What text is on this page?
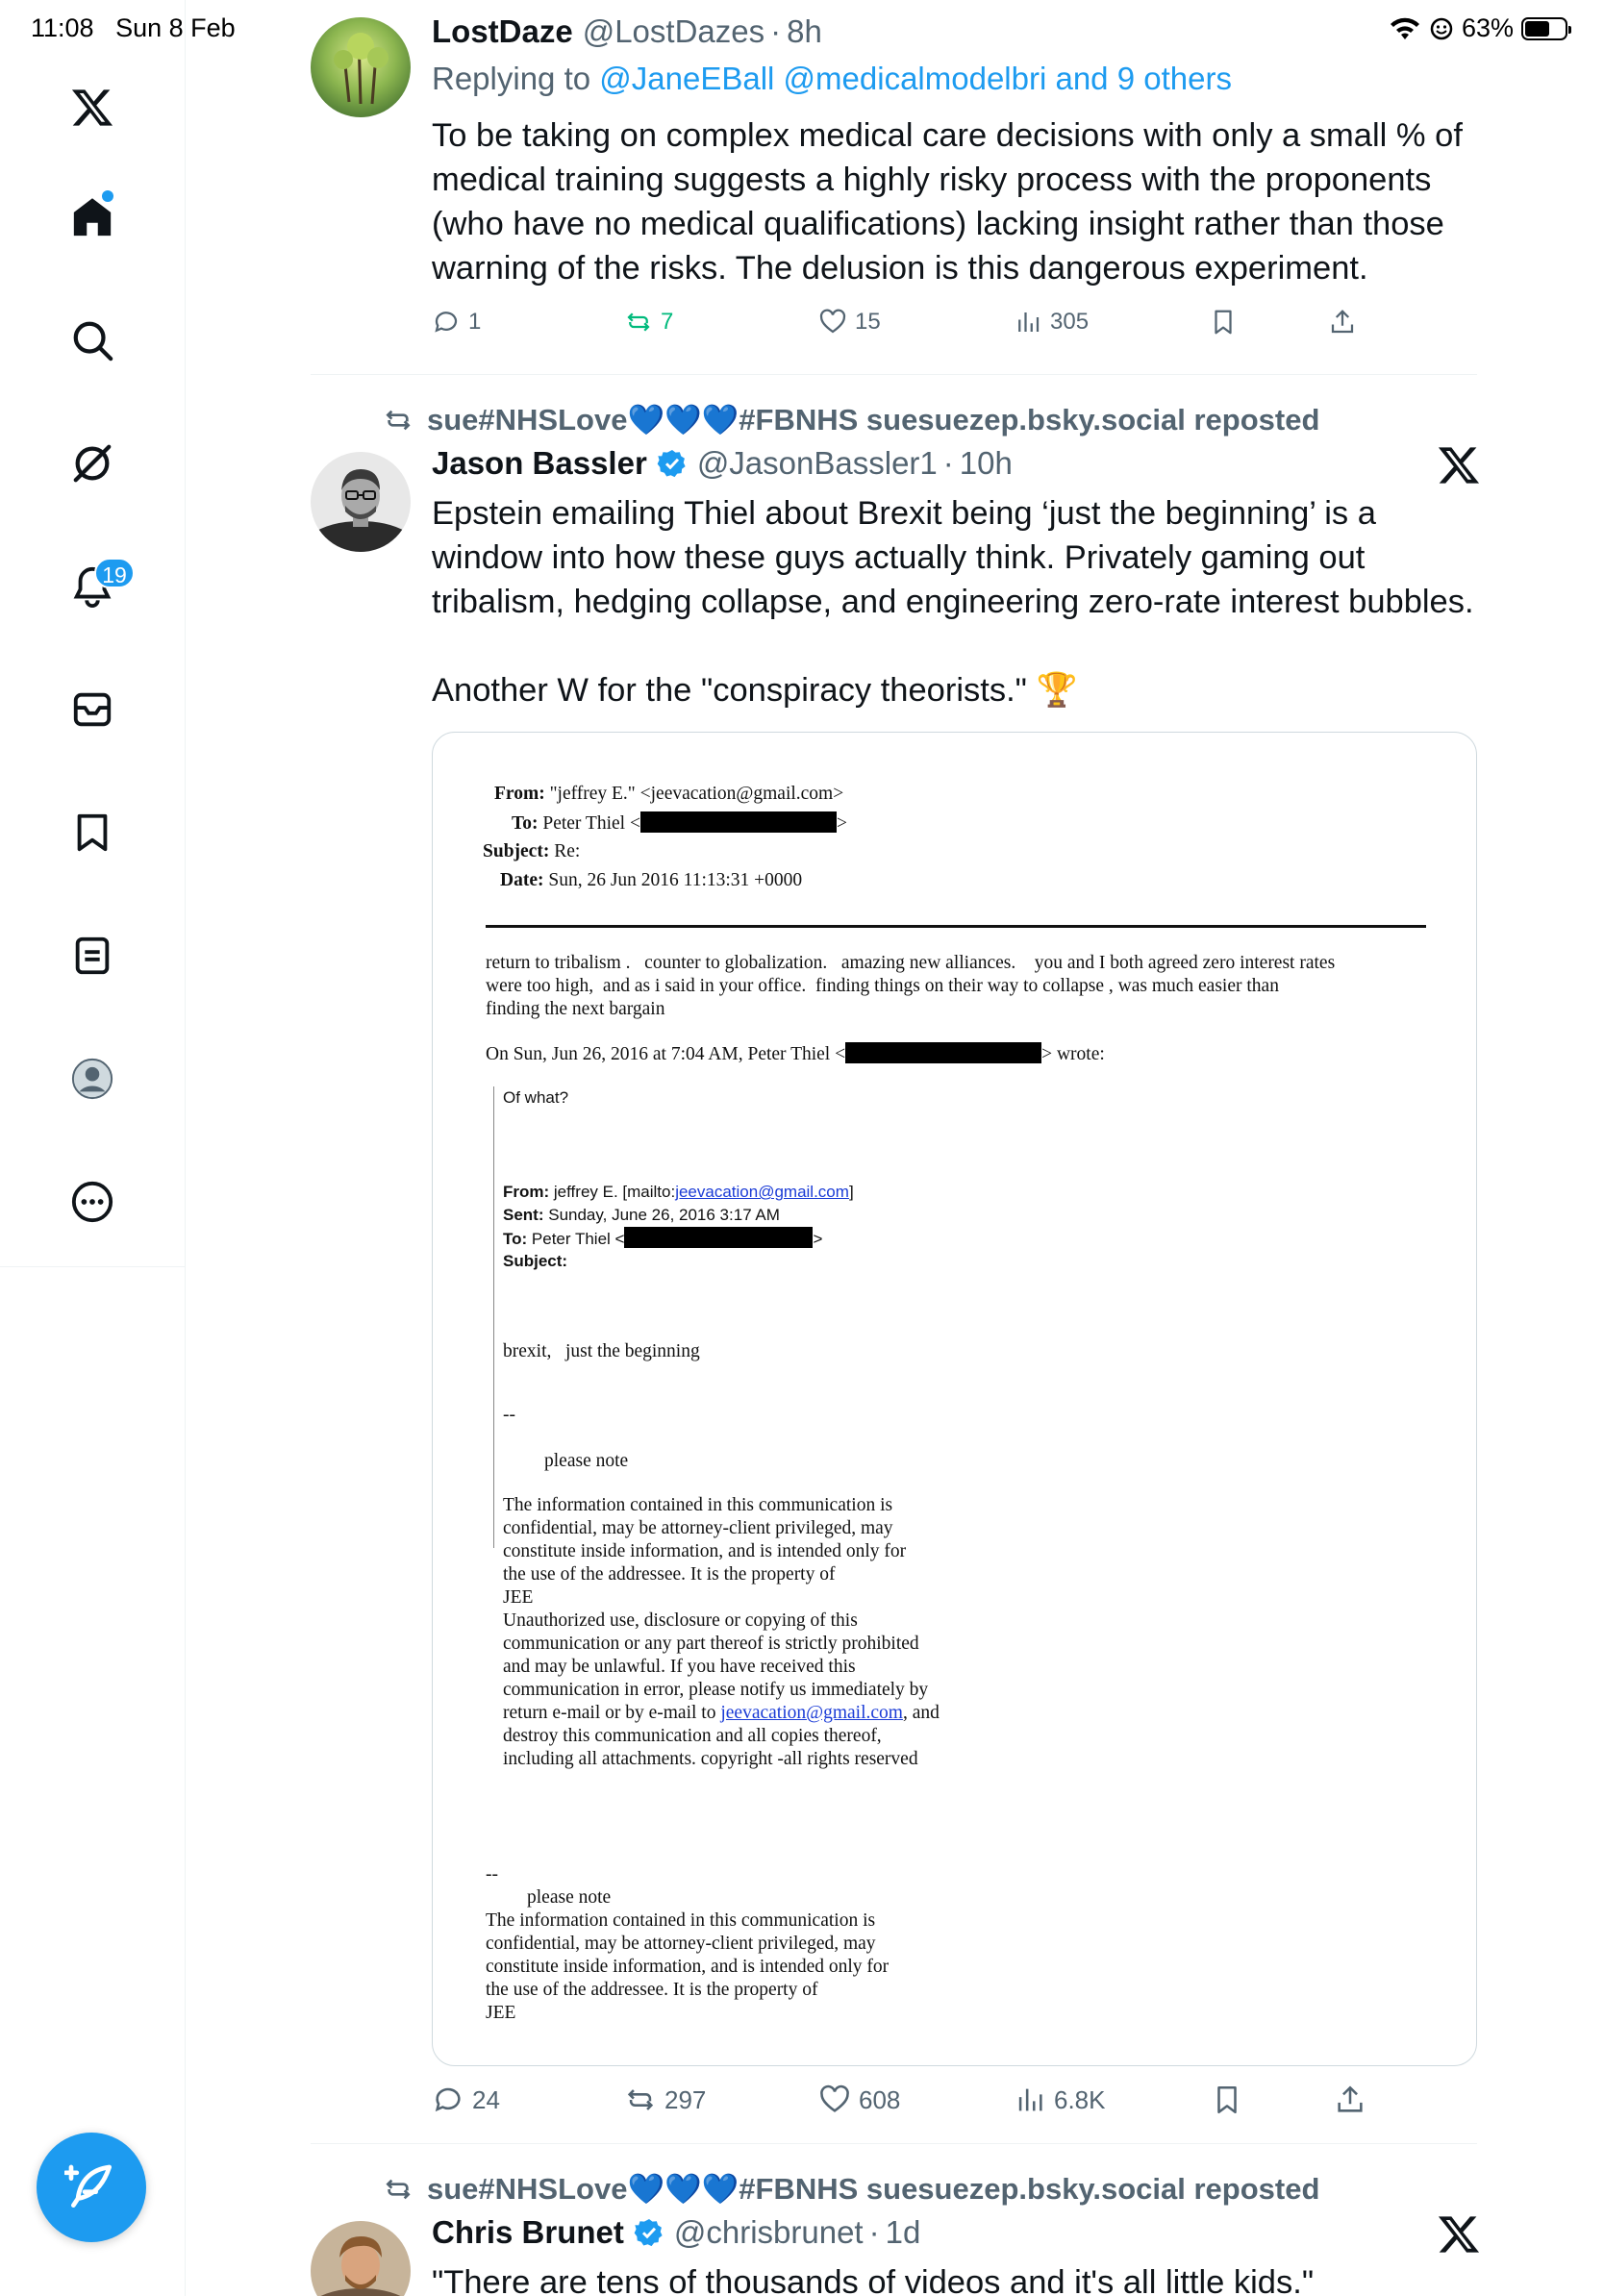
11:08 Sun 8 Feb	63%
19
LostDaze @LostDazes · 8h
Replying to @JaneEBall @medicalmodelbri and 9 others
To be taking on complex medical care decisions with only a small % of medical training suggests a highly risky process with the proponents (who have no medical qualifications) lacking insight rather than those warning of the risks. The delusion is this dangerous experiment.
1	7	15	305
sue#NHSLove💙💙💙#FBNHS suesuezep.bsky.social reposted
Jason Bassler @JasonBassler1 · 10h
Epstein emailing Thiel about Brexit being ‘just the beginning’ is a window into how these guys actually think. Privately gaming out tribalism, hedging collapse, and engineering zero-rate interest bubbles.
Another W for the "conspiracy theorists." 🏆
From: "jeffrey E." <jeevacation@gmail.com>
To: Peter Thiel <	>
Subject: Re:
Date: Sun, 26 Jun 2016 11:13:31 +0000
return to tribalism .   counter to globalization.   amazing new alliances.    you and I both agreed zero interest rates
were too high,  and as i said in your office.  finding things on their way to collapse , was much easier than
finding the next bargain
On Sun, Jun 26, 2016 at 7:04 AM, Peter Thiel <	> wrote:
Of what?
From: jeffrey E. [mailto:jeevacation@gmail.com]
Sent: Sunday, June 26, 2016 3:17 AM
To: Peter Thiel <	>
Subject:
brexit,   just the beginning
--
please note
The information contained in this communication is
confidential, may be attorney-client privileged, may
constitute inside information, and is intended only for
the use of the addressee. It is the property of
JEE
Unauthorized use, disclosure or copying of this
communication or any part thereof is strictly prohibited
and may be unlawful. If you have received this
communication in error, please notify us immediately by
return e-mail or by e-mail to jeevacation@gmail.com, and
destroy this communication and all copies thereof,
including all attachments. copyright -all rights reserved
--
please note
The information contained in this communication is
confidential, may be attorney-client privileged, may
constitute inside information, and is intended only for
the use of the addressee. It is the property of
JEE
24	297	608	6.8K
sue#NHSLove💙💙💙#FBNHS suesuezep.bsky.social reposted
Chris Brunet @chrisbrunet · 1d
"There are tens of thousands of videos and it's all little kids."
